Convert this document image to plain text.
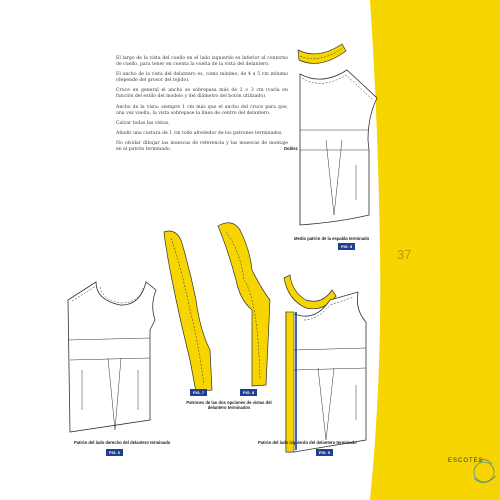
El largo de la vista del cuello en el lado izquierdo es inferior al contorno de cuello, para tener en cuenta la vuelta de la vista del delantero.

El ancho de la vista del delantero es, como mínimo, de 4 a 5 cm mínimo (depende del grosor del tejido).

Cruce en general el ancho se sobrepasa más de 2 o 3 cm (varía en función del estilo del modelo y del diámetro del botón utilizado).

Ancho de la vista: siempre 1 cm más que el ancho del cruce para que, una vez vuelta, la vista sobrepase la línea de centro del delantero.

Calcar todas las vistas.

Añadir una costura de 1 cm todo alrededor de los patrones terminados.

No olvidar dibujar las muescas de referencia y las muescas de montaje en el patrón terminado.	Doblez
Medio patrón de la espalda terminado
FIG. 5
Patrón del lado derecho del delantero terminado
FIG. 6
FIG. 7	FIG. 8
Patrones de las dos opciones de vistas del delantero terminados
Patrón del lado izquierdo del delantero terminado
FIG. 9
37
ESCOTES
